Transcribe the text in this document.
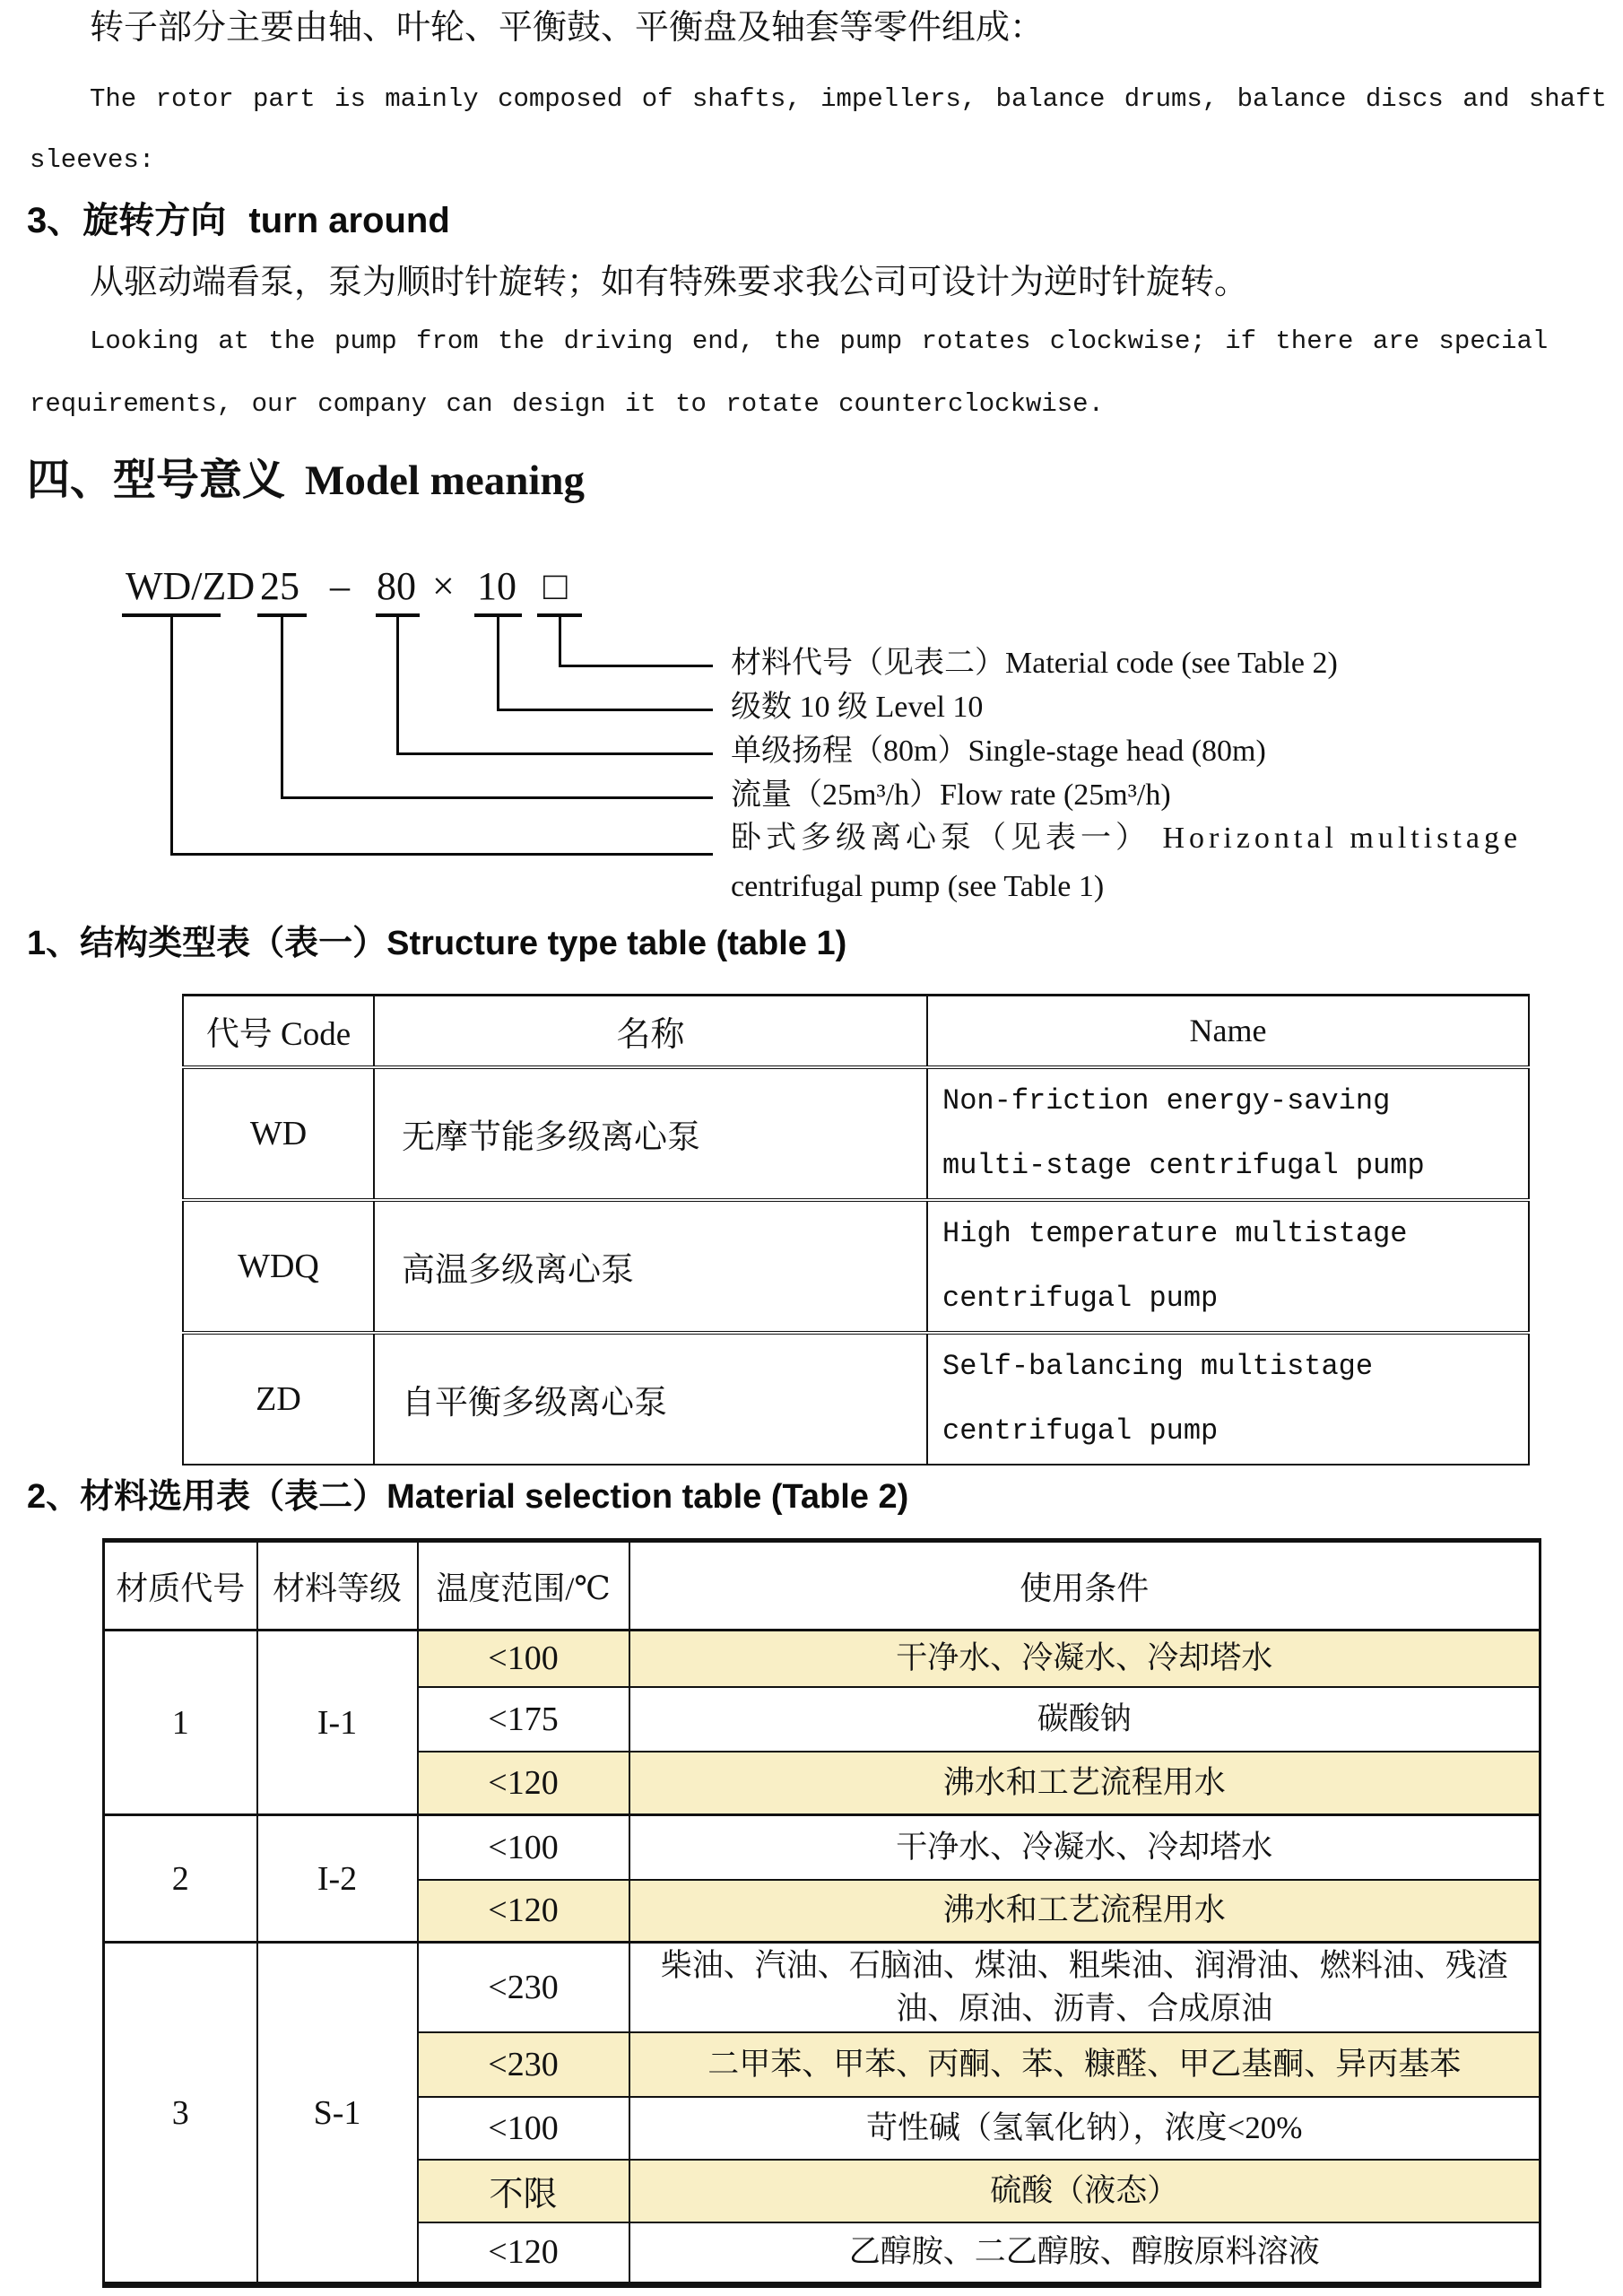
转子部分主要由轴、叶轮、平衡鼓、平衡盘及轴套等零件组成：
The rotor part is mainly composed of shafts, impellers, balance drums, balance discs and shaft
sleeves:
3、旋转方向 turn around
从驱动端看泵，泵为顺时针旋转；如有特殊要求我公司可设计为逆时针旋转。
Looking at the pump from the driving end, the pump rotates clockwise; if there are special
requirements, our company can design it to rotate counterclockwise.
四、型号意义 Model meaning
WD/ZD 25 – 80 × 10 □
材料代号（见表二）Material code (see Table 2)
级数 10 级 Level 10
单级扬程（80m）Single-stage head (80m)
流量（25m³/h）Flow rate (25m³/h)
卧式多级离心泵（见表一） Horizontal multistage
centrifugal pump (see Table 1)
1、结构类型表（表一）Structure type table (table 1)
代号 Code	名称	Name
WD	无摩节能多级离心泵	Non-friction energy-saving
multi-stage centrifugal pump

WDQ	高温多级离心泵	High temperature multistage
centrifugal pump

ZD	自平衡多级离心泵	Self-balancing multistage
centrifugal pump
2、材料选用表（表二）Material selection table (Table 2)
材质代号	材料等级	温度范围/℃	使用条件
1	I-1	<100	干净水、冷凝水、冷却塔水
		<175	碳酸钠
		<120	沸水和工艺流程用水
2	I-2	<100	干净水、冷凝水、冷却塔水
		<120	沸水和工艺流程用水
3	S-1	<230	柴油、汽油、石脑油、煤油、粗柴油、润滑油、燃料油、残渣油、原油、沥青、合成原油
		<230	二甲苯、甲苯、丙酮、苯、糠醛、甲乙基酮、异丙基苯
		<100	苛性碱（氢氧化钠），浓度<20%
		不限	硫酸（液态）
		<120	乙醇胺、二乙醇胺、醇胺原料溶液
